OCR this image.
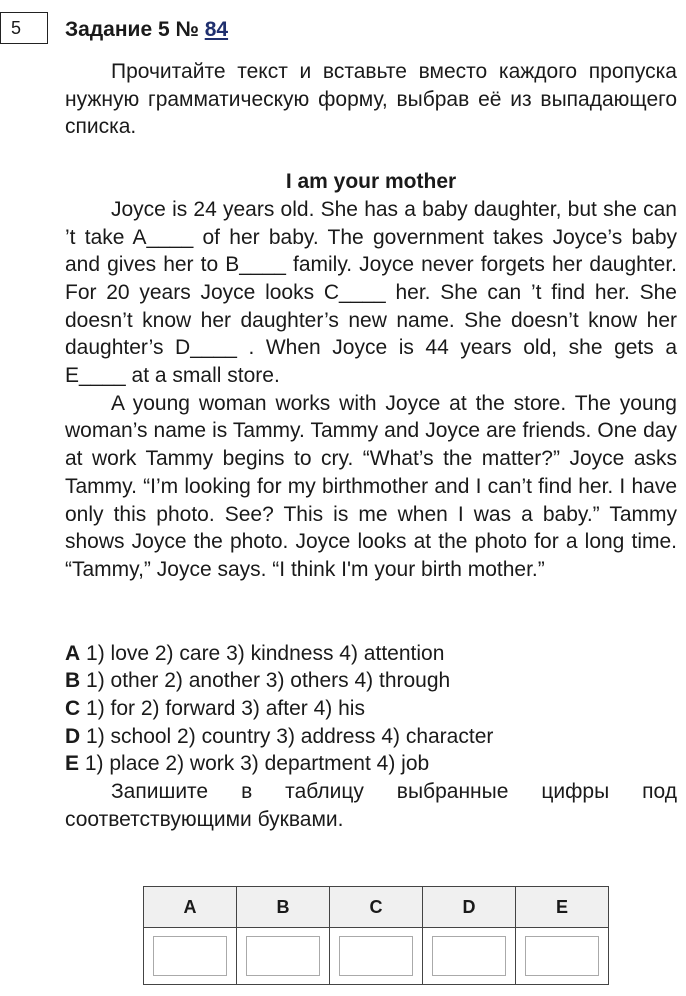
5	Задание 5 № 84

Прочитайте текст и вставьте вместо каждого пропуска нужную грамматическую форму, выбрав её из выпадающего списка.

I am your mother

Joyce is 24 years old. She has a baby daughter, but she can ’t take A____ of her baby. The government takes Joyce’s baby and gives her to B____ family. Joyce never forgets her daughter. For 20 years Joyce looks C____ her. She can ’t find her. She doesn’t know her daughter’s new name. She doesn’t know her daughter’s D____ . When Joyce is 44 years old, she gets a E____ at a small store.

A young woman works with Joyce at the store. The young woman’s name is Tammy. Tammy and Joyce are friends. One day at work Tammy begins to cry. “What’s the matter?” Joyce asks Tammy. “I’m looking for my birthmother and I can’t find her. I have only this photo. See? This is me when I was a baby.” Tammy shows Joyce the photo. Joyce looks at the photo for a long time. “Tammy,” Joyce says. “I think I'm your birth mother.”

A 1) love 2) care 3) kindness 4) attention
B 1) other 2) another 3) others 4) through
C 1) for 2) forward 3) after 4) his
D 1) school 2) country 3) address 4) character
E 1) place 2) work 3) department 4) job

Запишите в таблицу выбранные цифры под соответствующими буквами.

A	B	C	D	E
